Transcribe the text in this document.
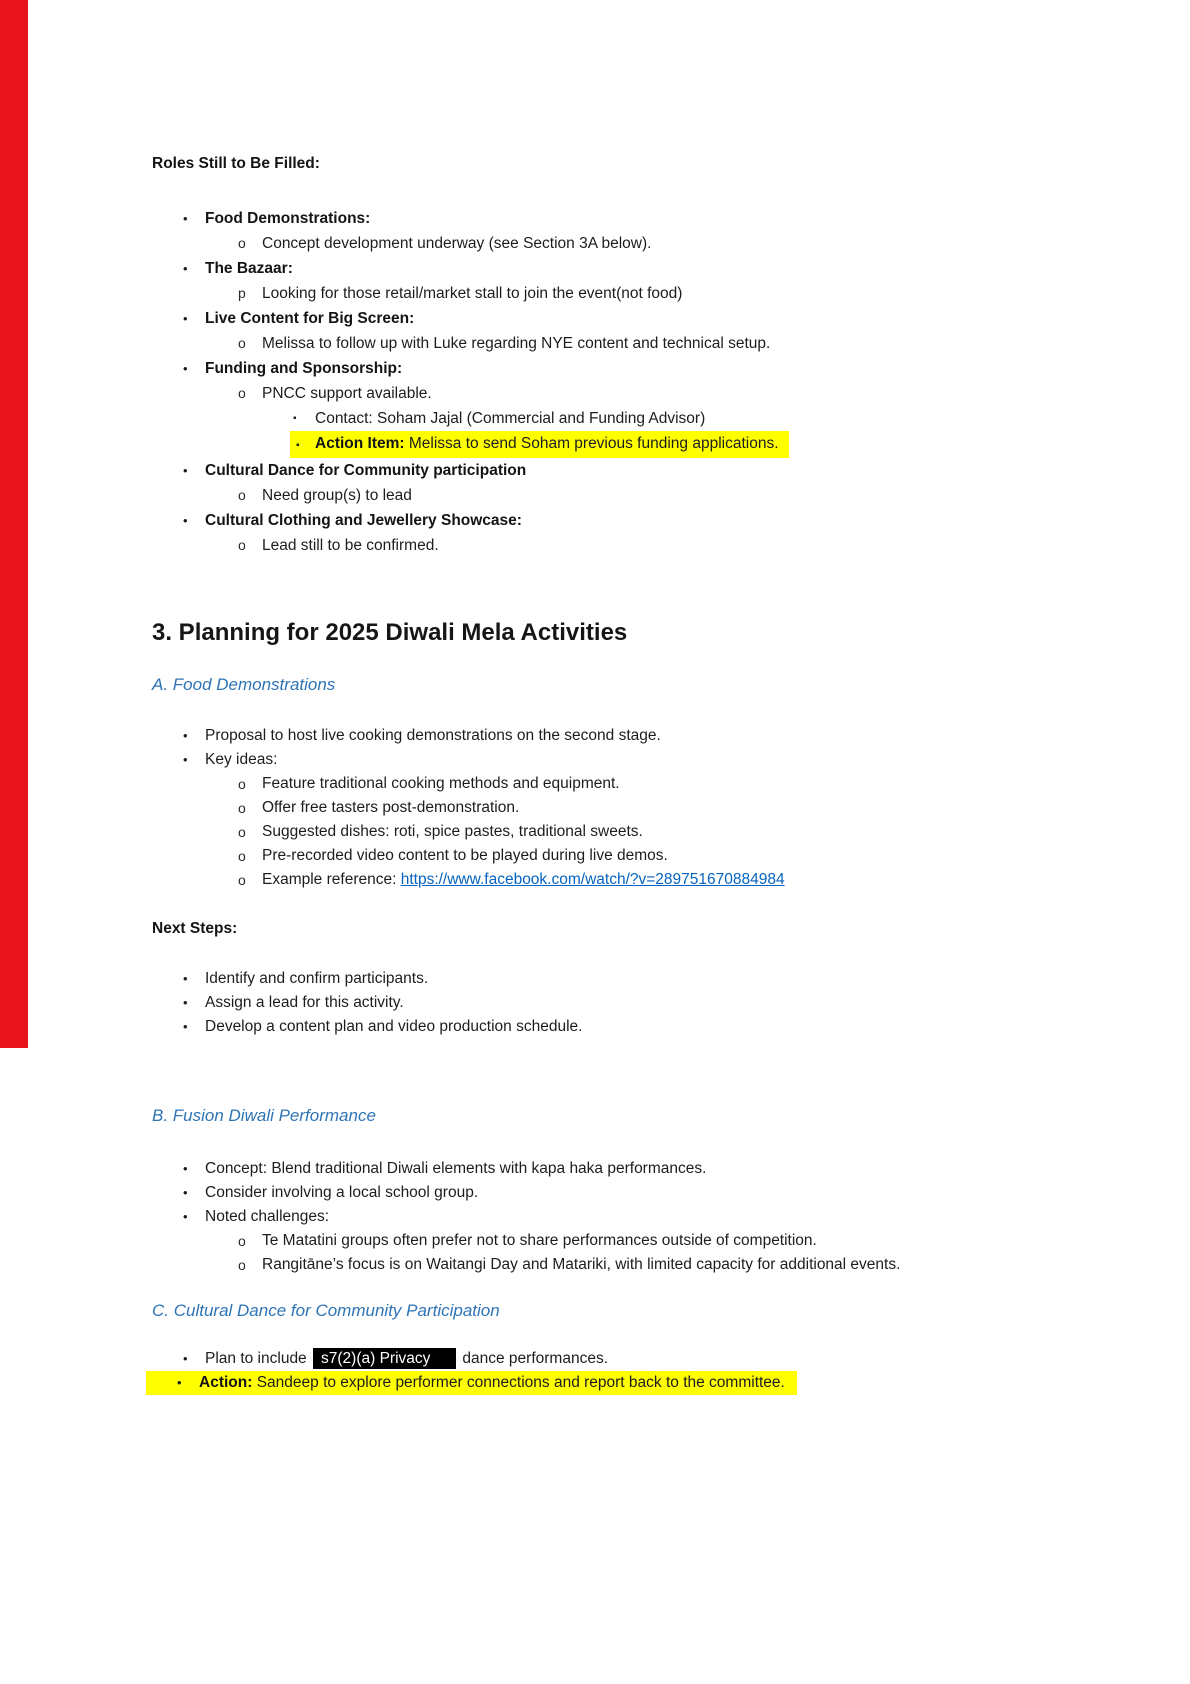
Roles Still to Be Filled:
• Food Demonstrations:
o Concept development underway (see Section 3A below).
• The Bazaar:
p Looking for those retail/market stall to join the event(not food)
• Live Content for Big Screen:
o Melissa to follow up with Luke regarding NYE content and technical setup.
• Funding and Sponsorship:
o PNCC support available.
▪ Contact: Soham Jajal (Commercial and Funding Advisor)
▪ Action Item: Melissa to send Soham previous funding applications.
• Cultural Dance for Community participation
o Need group(s) to lead
• Cultural Clothing and Jewellery Showcase:
o Lead still to be confirmed.
3. Planning for 2025 Diwali Mela Activities
A. Food Demonstrations
• Proposal to host live cooking demonstrations on the second stage.
• Key ideas:
o Feature traditional cooking methods and equipment.
o Offer free tasters post-demonstration.
o Suggested dishes: roti, spice pastes, traditional sweets.
o Pre-recorded video content to be played during live demos.
o Example reference: https://www.facebook.com/watch/?v=289751670884984
Next Steps:
• Identify and confirm participants.
• Assign a lead for this activity.
• Develop a content plan and video production schedule.
B. Fusion Diwali Performance
• Concept: Blend traditional Diwali elements with kapa haka performances.
• Consider involving a local school group.
• Noted challenges:
o Te Matatini groups often prefer not to share performances outside of competition.
o Rangitāne’s focus is on Waitangi Day and Matariki, with limited capacity for additional events.
C. Cultural Dance for Community Participation
• Plan to include s7(2)(a) Privacy dance performances.
• Action: Sandeep to explore performer connections and report back to the committee.
